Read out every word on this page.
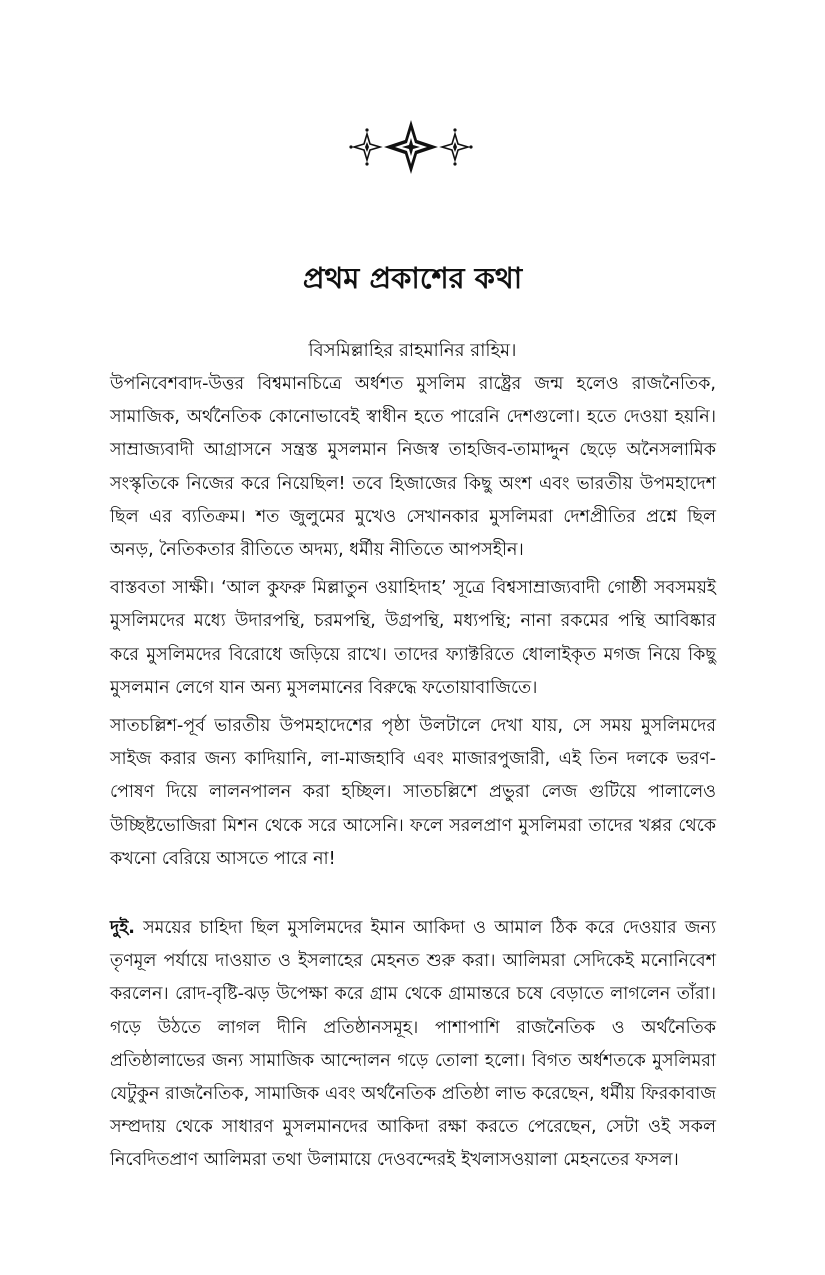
প্রথম প্রকাশের কথা
বিসমিল্লাহির রাহমানির রাহিম।

উপনিবেশবাদ-উত্তর বিশ্বমানচিত্রে অর্ধশত মুসলিম রাষ্ট্রের জন্ম হলেও রাজনৈতিক, সামাজিক, অর্থনৈতিক কোনোভাবেই স্বাধীন হতে পারেনি দেশগুলো। হতে দেওয়া হয়নি। সাম্রাজ্যবাদী আগ্রাসনে সন্ত্রস্ত মুসলমান নিজস্ব তাহজিব-তামাদ্দুন ছেড়ে অনৈসলামিক সংস্কৃতিকে নিজের করে নিয়েছিল! তবে হিজাজের কিছু অংশ এবং ভারতীয় উপমহাদেশ ছিল এর ব্যতিক্রম। শত জুলুমের মুখেও সেখানকার মুসলিমরা দেশপ্রীতির প্রশ্নে ছিল অনড়, নৈতিকতার রীতিতে অদম্য, ধর্মীয় নীতিতে আপসহীন।

বাস্তবতা সাক্ষী। ‘আল কুফরু মিল্লাতুন ওয়াহিদাহ’ সূত্রে বিশ্বসাম্রাজ্যবাদী গোষ্ঠী সবসময়ই মুসলিমদের মধ্যে উদারপন্থি, চরমপন্থি, উগ্রপন্থি, মধ্যপন্থি; নানা রকমের পন্থি আবিষ্কার করে মুসলিমদের বিরোধে জড়িয়ে রাখে। তাদের ফ্যাক্টরিতে ধোলাইকৃত মগজ নিয়ে কিছু মুসলমান লেগে যান অন্য মুসলমানের বিরুদ্ধে ফতোয়াবাজিতে।

সাতচল্লিশ-পূর্ব ভারতীয় উপমহাদেশের পৃষ্ঠা উলটালে দেখা যায়, সে সময় মুসলিমদের সাইজ করার জন্য কাদিয়ানি, লা-মাজহাবি এবং মাজারপুজারী, এই তিন দলকে ভরণ-পোষণ দিয়ে লালনপালন করা হচ্ছিল। সাতচল্লিশে প্রভুরা লেজ গুটিয়ে পালালেও উচ্ছিষ্টভোজিরা মিশন থেকে সরে আসেনি। ফলে সরলপ্রাণ মুসলিমরা তাদের খপ্পর থেকে কখনো বেরিয়ে আসতে পারে না!

দুই. সময়ের চাহিদা ছিল মুসলিমদের ইমান আকিদা ও আমাল ঠিক করে দেওয়ার জন্য তৃণমূল পর্যায়ে দাওয়াত ও ইসলাহের মেহনত শুরু করা। আলিমরা সেদিকেই মনোনিবেশ করলেন। রোদ-বৃষ্টি-ঝড় উপেক্ষা করে গ্রাম থেকে গ্রামান্তরে চষে বেড়াতে লাগলেন তাঁরা। গড়ে উঠতে লাগল দীনি প্রতিষ্ঠানসমূহ। পাশাপাশি রাজনৈতিক ও অর্থনৈতিক প্রতিষ্ঠালাভের জন্য সামাজিক আন্দোলন গড়ে তোলা হলো। বিগত অর্ধশতকে মুসলিমরা যেটুকুন রাজনৈতিক, সামাজিক এবং অর্থনৈতিক প্রতিষ্ঠা লাভ করেছেন, ধর্মীয় ফিরকাবাজ সম্প্রদায় থেকে সাধারণ মুসলমানদের আকিদা রক্ষা করতে পেরেছেন, সেটা ওই সকল নিবেদিতপ্রাণ আলিমরা তথা উলামায়ে দেওবন্দেরই ইখলাসওয়ালা মেহনতের ফসল।
